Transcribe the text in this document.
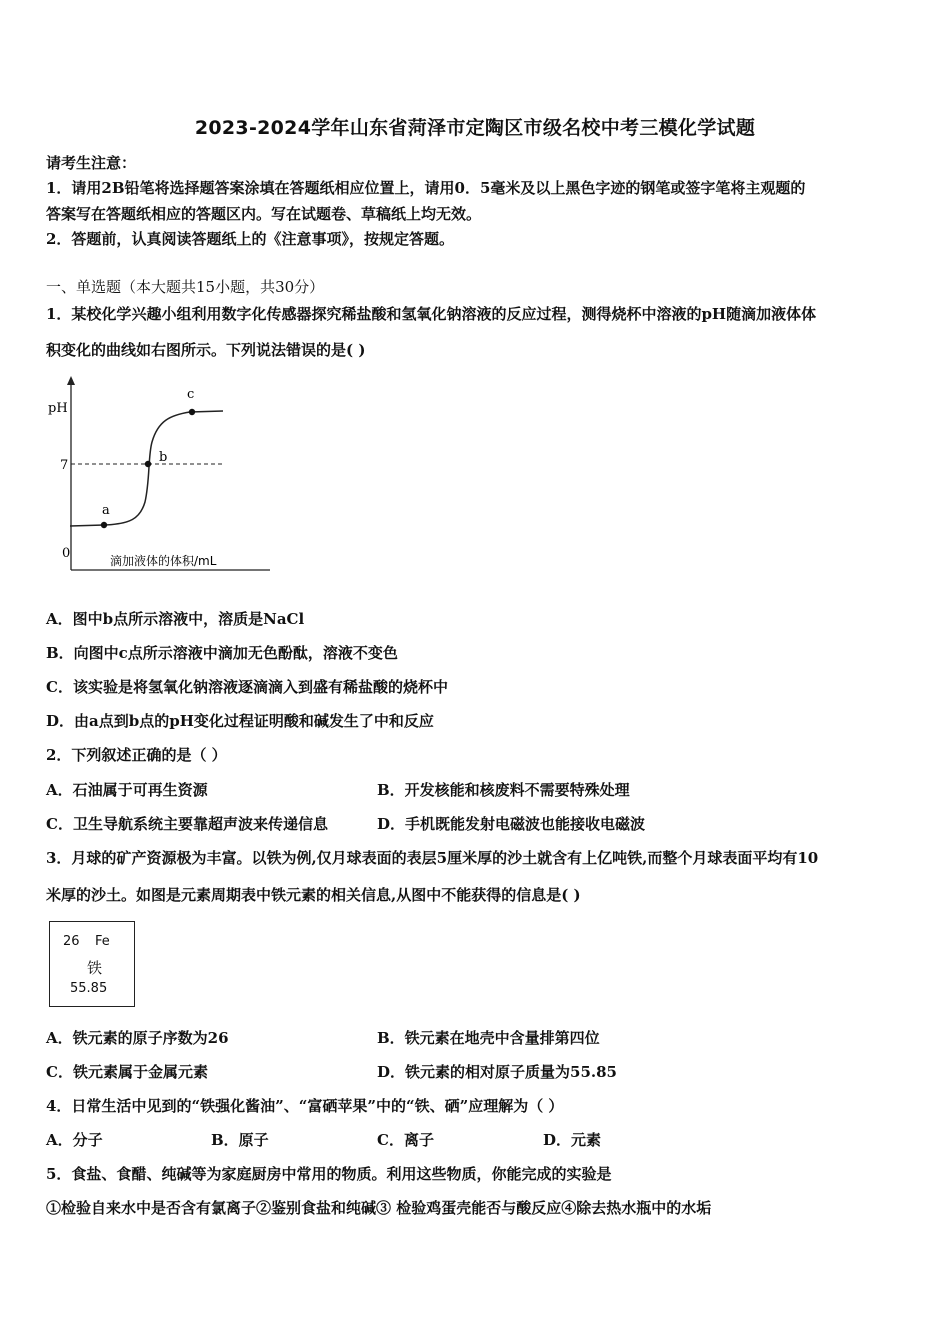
2023-2024学年山东省菏泽市定陶区市级名校中考三模化学试题
请考生注意：
1．请用2B铅笔将选择题答案涂填在答题纸相应位置上，请用0．5毫米及以上黑色字迹的钢笔或签字笔将主观题的
答案写在答题纸相应的答题区内。写在试题卷、草稿纸上均无效。
2．答题前，认真阅读答题纸上的《注意事项》，按规定答题。
一、单选题（本大题共15小题，共30分）
1．某校化学兴趣小组利用数字化传感器探究稀盐酸和氢氧化钠溶液的反应过程，测得烧杯中溶液的pH随滴加液体体
积变化的曲线如右图所示。下列说法错误的是( )
pH
7
0	滴加液体的体积/mL
a
b
c
A．图中b点所示溶液中，溶质是NaCl
B．向图中c点所示溶液中滴加无色酚酞，溶液不变色
C．该实验是将氢氧化钠溶液逐滴滴入到盛有稀盐酸的烧杯中
D．由a点到b点的pH变化过程证明酸和碱发生了中和反应
2．下列叙述正确的是（ ）
A．石油属于可再生资源	B．开发核能和核废料不需要特殊处理
C．卫生导航系统主要靠超声波来传递信息	D．手机既能发射电磁波也能接收电磁波
3．月球的矿产资源极为丰富。以铁为例,仅月球表面的表层5厘米厚的沙土就含有上亿吨铁,而整个月球表面平均有10
米厚的沙土。如图是元素周期表中铁元素的相关信息,从图中不能获得的信息是( )
26 Fe
铁
55.85
A．铁元素的原子序数为26	B．铁元素在地壳中含量排第四位
C．铁元素属于金属元素	D．铁元素的相对原子质量为55.85
4．日常生活中见到的“铁强化酱油”、“富硒苹果”中的“铁、硒”应理解为（ ）
A．分子	B．原子	C．离子	D．元素
5．食盐、食醋、纯碱等为家庭厨房中常用的物质。利用这些物质，你能完成的实验是
①检验自来水中是否含有氯离子②鉴别食盐和纯碱③ 检验鸡蛋壳能否与酸反应④除去热水瓶中的水垢
